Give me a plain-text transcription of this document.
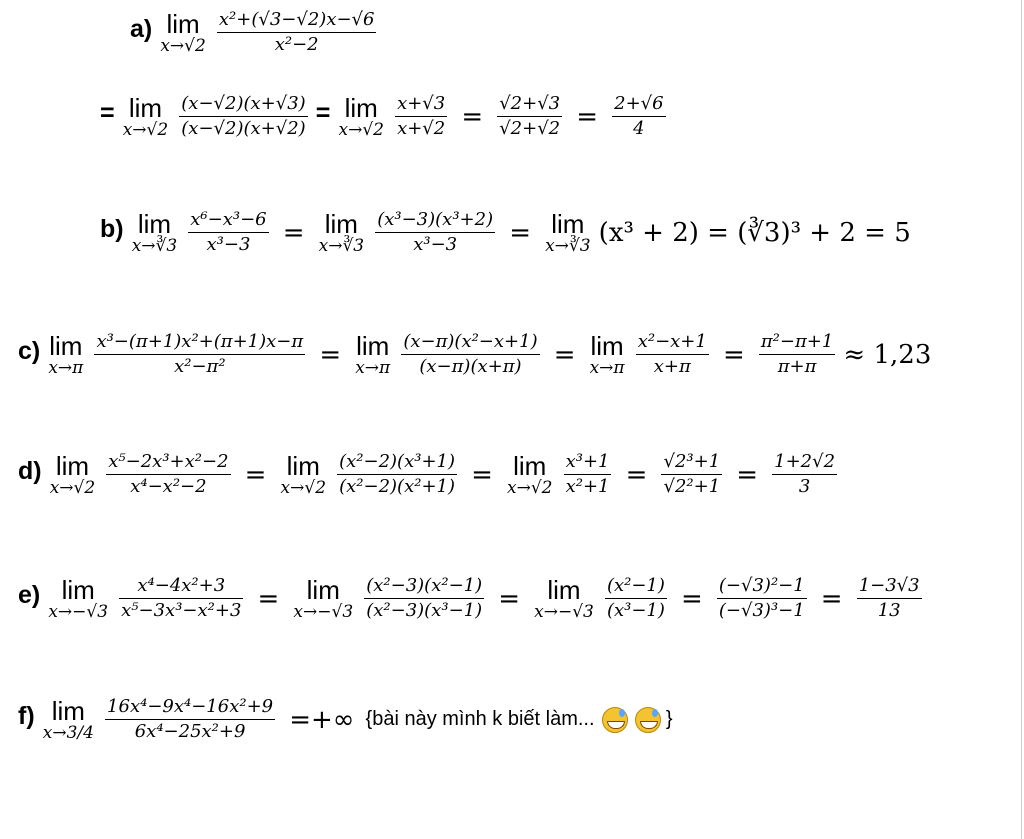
a) lim
x→√2
$\frac{\text{x²+(√3−√2)x−√6}}{\text{x²−2}}$
= lim
x→√2
$\frac{(x-√2)(x+√3)}{(x-√2)(x+√2)} = \lim$
x→√2
$\frac{x+√3}{x+√2} = \frac{√2+√3}{√2+√2} = \frac{2+√6}{4}$
b) lim
x→∛3
$\frac{\text{x⁶−x³−6}}{\text{x³−3}} = \lim$
x→∛3
$\frac{\text{(x³−3)(x³+2)}}{\text{x³−3}} = \lim$
x→∛3 (x³ + 2) = (∛3)³ + 2 = 5
c) lim
x→π
$\frac{\text{x³−(π+1)x²+(π+1)x−π}}{\text{x²−π²}} = \lim$
x→π
$\frac{\text{(x−π)(x²−x+1)}}{(x-\pi)(x+\pi)} = \lim$
x→π
$\frac{\text{x²−x+1}}{x+\pi} = \frac{\text{π²−π+1}}{\pi+\pi} \approx 1,23$
d) lim
x→√2
$\frac{\text{x⁵−2x³+x²−2}}{\text{x⁴−x²−2}} = \lim$
x→√2
$\frac{\text{(x²−2)(x³+1)}}{\text{(x²−2)(x²+1)}} = \lim$
x→√2
$\frac{\text{x³+1}}{\text{x²+1}} = \frac{\text{√2³+1}}{\text{√2²+1}} = \frac{1+2√2}{3}$
e) lim
x→−√3
$\frac{\text{x⁴−4x²+3}}{\text{x⁵−3x³−x²+3}}$ =	lim
x→−√3
$\frac{\text{(x²−3)(x²−1)}}{\text{(x²−3)(x³−1)}}$ =	lim
x→−√3
$\frac{\text{(x²−1)}}{\text{(x³−1)}} = \frac{\text{(−√3)²−1}}{\text{(−√3)³−1}} = \frac{1-3√3}{13}$
f) lim
x→3/4
$\frac{\text{16x⁴−9x⁴−16x²+9}}{\text{6x⁴−25x²+9}}$ =+∞ {bài này mình k biết làm...	}
